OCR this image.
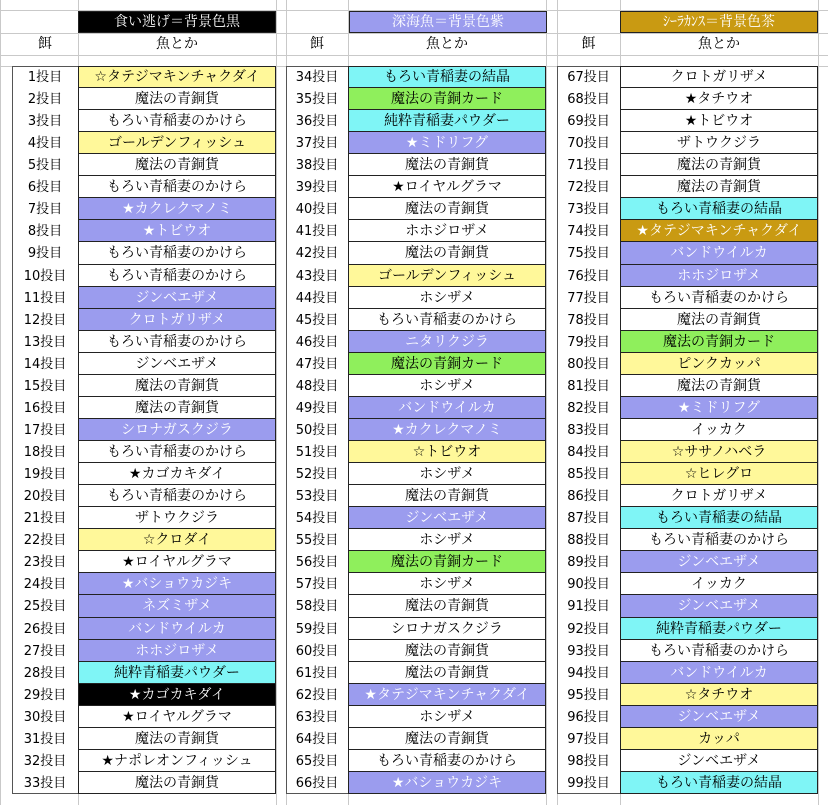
食い逃げ＝背景色黒
餌	魚とか
1投目	☆タテジマキンチャクダイ
2投目	魔法の青銅貨
3投目	もろい青稲妻のかけら
4投目	ゴールデンフィッシュ
5投目	魔法の青銅貨
6投目	もろい青稲妻のかけら
7投目	★カクレクマノミ
8投目	★トビウオ
9投目	もろい青稲妻のかけら
10投目	もろい青稲妻のかけら
11投目	ジンベエザメ
12投目	クロトガリザメ
13投目	もろい青稲妻のかけら
14投目	ジンベエザメ
15投目	魔法の青銅貨
16投目	魔法の青銅貨
17投目	シロナガスクジラ
18投目	もろい青稲妻のかけら
19投目	★カゴカキダイ
20投目	もろい青稲妻のかけら
21投目	ザトウクジラ
22投目	☆クロダイ
23投目	★ロイヤルグラマ
24投目	★バショウカジキ
25投目	ネズミザメ
26投目	バンドウイルカ
27投目	ホホジロザメ
28投目	純粋青稲妻パウダー
29投目	★カゴカキダイ
30投目	★ロイヤルグラマ
31投目	魔法の青銅貨
32投目	★ナポレオンフィッシュ
33投目	魔法の青銅貨
深海魚＝背景色紫
餌	魚とか
34投目	もろい青稲妻の結晶
35投目	魔法の青銅カード
36投目	純粋青稲妻パウダー
37投目	★ミドリフグ
38投目	魔法の青銅貨
39投目	★ロイヤルグラマ
40投目	魔法の青銅貨
41投目	ホホジロザメ
42投目	魔法の青銅貨
43投目	ゴールデンフィッシュ
44投目	ホシザメ
45投目	もろい青稲妻のかけら
46投目	ニタリクジラ
47投目	魔法の青銅カード
48投目	ホシザメ
49投目	バンドウイルカ
50投目	★カクレクマノミ
51投目	☆トビウオ
52投目	ホシザメ
53投目	魔法の青銅貨
54投目	ジンベエザメ
55投目	ホシザメ
56投目	魔法の青銅カード
57投目	ホシザメ
58投目	魔法の青銅貨
59投目	シロナガスクジラ
60投目	魔法の青銅貨
61投目	魔法の青銅貨
62投目	★タテジマキンチャクダイ
63投目	ホシザメ
64投目	魔法の青銅貨
65投目	もろい青稲妻のかけら
66投目	★バショウカジキ
ｼｰﾗｶﾝｽ＝背景色茶
餌	魚とか
67投目	クロトガリザメ
68投目	★タチウオ
69投目	★トビウオ
70投目	ザトウクジラ
71投目	魔法の青銅貨
72投目	魔法の青銅貨
73投目	もろい青稲妻の結晶
74投目	★タテジマキンチャクダイ
75投目	バンドウイルカ
76投目	ホホジロザメ
77投目	もろい青稲妻のかけら
78投目	魔法の青銅貨
79投目	魔法の青銅カード
80投目	ピンクカッパ
81投目	魔法の青銅貨
82投目	★ミドリフグ
83投目	イッカク
84投目	☆ササノハベラ
85投目	☆ヒレグロ
86投目	クロトガリザメ
87投目	もろい青稲妻の結晶
88投目	もろい青稲妻のかけら
89投目	ジンベエザメ
90投目	イッカク
91投目	ジンベエザメ
92投目	純粋青稲妻パウダー
93投目	もろい青稲妻のかけら
94投目	バンドウイルカ
95投目	☆タチウオ
96投目	ジンベエザメ
97投目	カッパ
98投目	ジンベエザメ
99投目	もろい青稲妻の結晶
